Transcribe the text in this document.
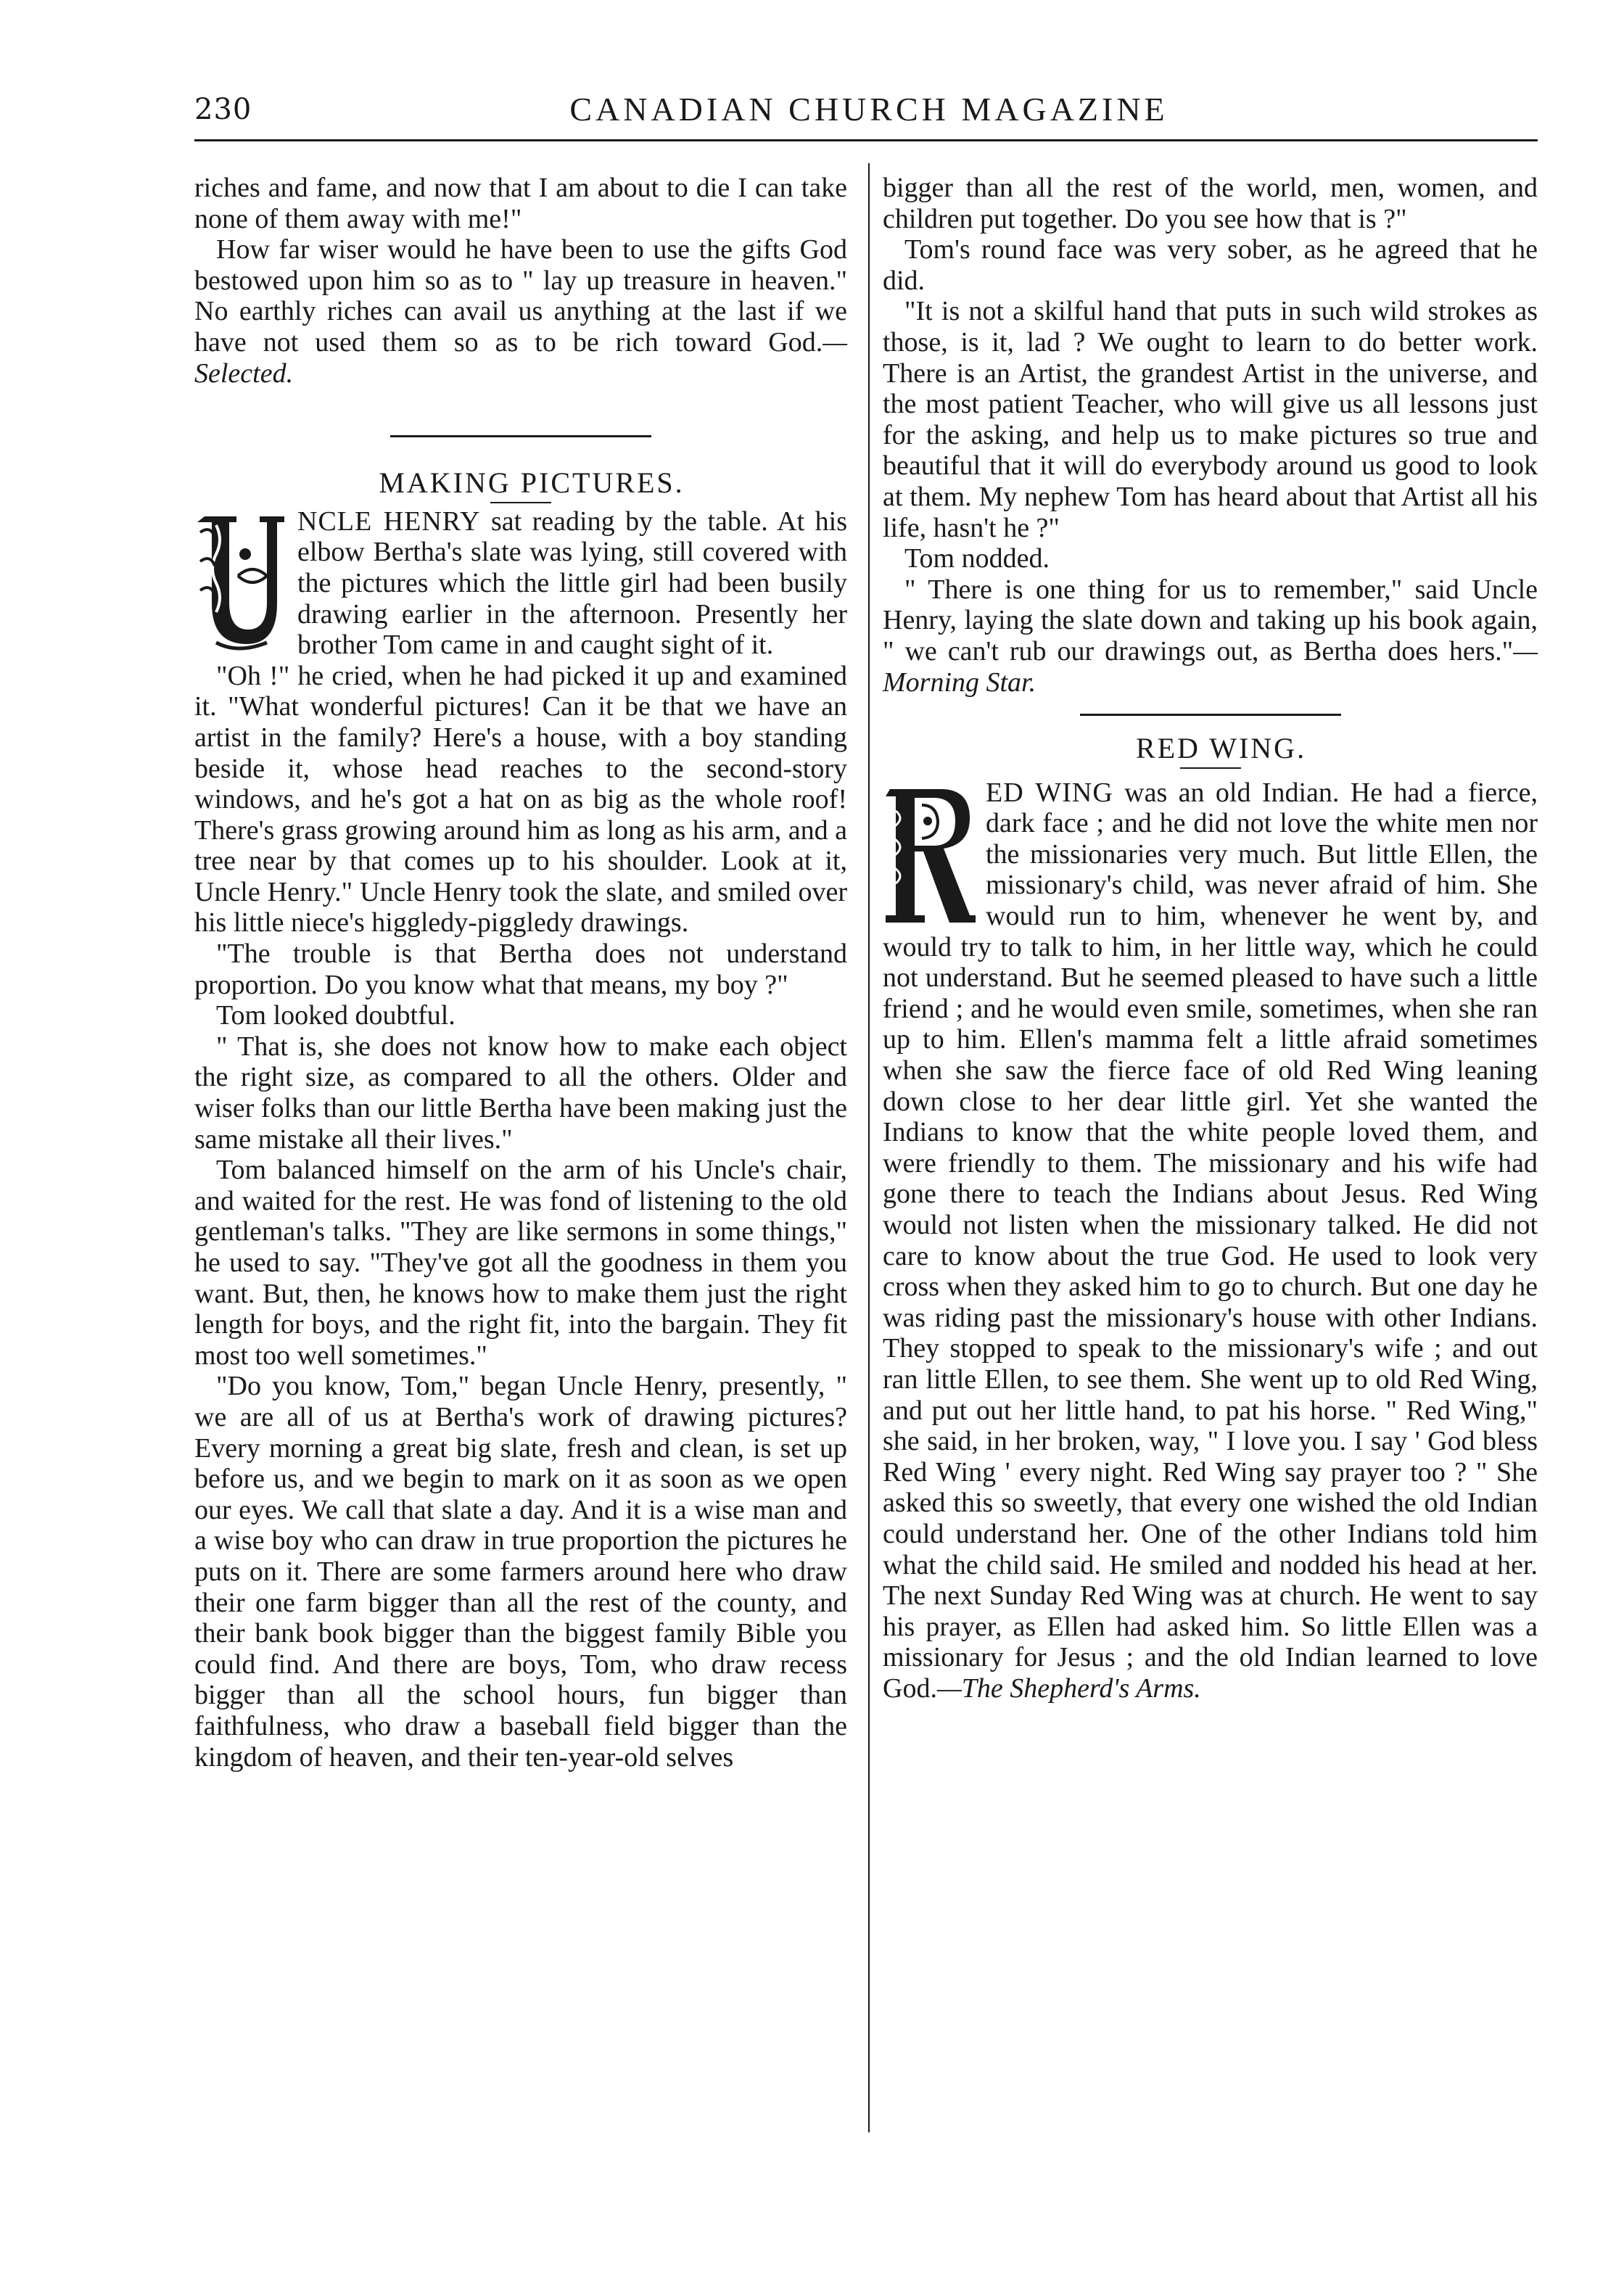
230	CANADIAN CHURCH MAGAZINE

riches and fame, and now that I am about to die I can take none of them away with me!"

How far wiser would he have been to use the gifts God bestowed upon him so as to " lay up treasure in heaven." No earthly riches can avail us anything at the last if we have not used them so as to be rich toward God.—Selected.

MAKING PICTURES.

NCLE HENRY sat reading by the table. At his elbow Bertha's slate was lying, still covered with the pictures which the little girl had been busily drawing earlier in the afternoon. Presently her brother Tom came in and caught sight of it.

"Oh !" he cried, when he had picked it up and examined it. "What wonderful pictures! Can it be that we have an artist in the family? Here's a house, with a boy standing beside it, whose head reaches to the second-story windows, and he's got a hat on as big as the whole roof! There's grass growing around him as long as his arm, and a tree near by that comes up to his shoulder. Look at it, Uncle Henry." Uncle Henry took the slate, and smiled over his little niece's higgledy-piggledy drawings.

"The trouble is that Bertha does not understand proportion. Do you know what that means, my boy ?"

Tom looked doubtful.

" That is, she does not know how to make each object the right size, as compared to all the others. Older and wiser folks than our little Bertha have been making just the same mistake all their lives."

Tom balanced himself on the arm of his Uncle's chair, and waited for the rest. He was fond of listening to the old gentleman's talks. "They are like sermons in some things," he used to say. "They've got all the goodness in them you want. But, then, he knows how to make them just the right length for boys, and the right fit, into the bargain. They fit most too well sometimes."

"Do you know, Tom," began Uncle Henry, presently, " we are all of us at Bertha's work of drawing pictures? Every morning a great big slate, fresh and clean, is set up before us, and we begin to mark on it as soon as we open our eyes. We call that slate a day. And it is a wise man and a wise boy who can draw in true proportion the pictures he puts on it. There are some farmers around here who draw their one farm bigger than all the rest of the county, and their bank book bigger than the biggest family Bible you could find. And there are boys, Tom, who draw recess bigger than all the school hours, fun bigger than faithfulness, who draw a baseball field bigger than the kingdom of heaven, and their ten-year-old selves

bigger than all the rest of the world, men, women, and children put together. Do you see how that is ?"

Tom's round face was very sober, as he agreed that he did.

"It is not a skilful hand that puts in such wild strokes as those, is it, lad ? We ought to learn to do better work. There is an Artist, the grandest Artist in the universe, and the most patient Teacher, who will give us all lessons just for the asking, and help us to make pictures so true and beautiful that it will do everybody around us good to look at them. My nephew Tom has heard about that Artist all his life, hasn't he ?"

Tom nodded.

" There is one thing for us to remember," said Uncle Henry, laying the slate down and taking up his book again, " we can't rub our drawings out, as Bertha does hers."—Morning Star.

RED WING.

ED WING was an old Indian. He had a fierce, dark face ; and he did not love the white men nor the missionaries very much. But little Ellen, the missionary's child, was never afraid of him. She would run to him, whenever he went by, and would try to talk to him, in her little way, which he could not understand. But he seemed pleased to have such a little friend ; and he would even smile, sometimes, when she ran up to him. Ellen's mamma felt a little afraid sometimes when she saw the fierce face of old Red Wing leaning down close to her dear little girl. Yet she wanted the Indians to know that the white people loved them, and were friendly to them. The missionary and his wife had gone there to teach the Indians about Jesus. Red Wing would not listen when the missionary talked. He did not care to know about the true God. He used to look very cross when they asked him to go to church. But one day he was riding past the missionary's house with other Indians. They stopped to speak to the missionary's wife ; and out ran little Ellen, to see them. She went up to old Red Wing, and put out her little hand, to pat his horse. " Red Wing," she said, in her broken, way, " I love you. I say ' God bless Red Wing ' every night. Red Wing say prayer too ? " She asked this so sweetly, that every one wished the old Indian could understand her. One of the other Indians told him what the child said. He smiled and nodded his head at her. The next Sunday Red Wing was at church. He went to say his prayer, as Ellen had asked him. So little Ellen was a missionary for Jesus ; and the old Indian learned to love God.—The Shepherd's Arms.
